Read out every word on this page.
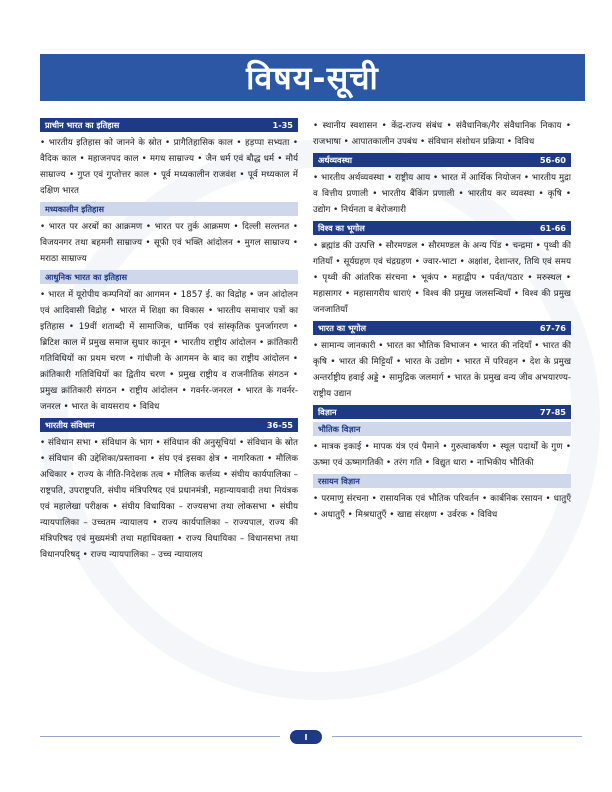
विषय-सूची
प्राचीन भारत का इतिहास	1-35

• भारतीय इतिहास को जानने के स्रोत • प्रागैतिहासिक काल • हड़प्पा सभ्यता • वैदिक काल • महाजनपद काल • मगध साम्राज्य • जैन धर्म एवं बौद्ध धर्म • मौर्य साम्राज्य • गुप्त एवं गुप्तोत्तर काल • पूर्व मध्यकालीन राजवंश • पूर्व मध्यकाल में दक्षिण भारत

मध्यकालीन इतिहास

• भारत पर अरबों का आक्रमण • भारत पर तुर्क आक्रमण • दिल्ली सल्तनत • विजयनगर तथा बहमनी साम्राज्य • सूफी एवं भक्ति आंदोलन • मुगल साम्राज्य • मराठा साम्राज्य

आधुनिक भारत का इतिहास

• भारत में यूरोपीय कम्पनियों का आगमन • 1857 ई. का विद्रोह • जन आंदोलन एवं आदिवासी विद्रोह • भारत में शिक्षा का विकास • भारतीय समाचार पत्रों का इतिहास • 19वीं शताब्दी में सामाजिक, धार्मिक एवं सांस्कृतिक पुनर्जागरण • ब्रिटिश काल में प्रमुख समाज सुधार कानून • भारतीय राष्ट्रीय आंदोलन • क्रांतिकारी गतिविधियों का प्रथम चरण • गांधीजी के आगमन के बाद का राष्ट्रीय आंदोलन • क्रांतिकारी गतिविधियों का द्वितीय चरण • प्रमुख राष्ट्रीय व राजनीतिक संगठन • प्रमुख क्रांतिकारी संगठन • राष्ट्रीय आंदोलन • गवर्नर-जनरल • भारत के गवर्नर-जनरल • भारत के वायसराय • विविध

भारतीय संविधान	36-55

• संविधान सभा • संविधान के भाग • संविधान की अनुसूचियां • संविधान के स्रोत • संविधान की उद्देशिका/प्रस्तावना • संघ एवं इसका क्षेत्र • नागरिकता • मौलिक अधिकार • राज्य के नीति-निदेशक तत्व • मौलिक कर्त्तव्य • संघीय कार्यपालिका – राष्ट्रपति, उपराष्ट्रपति, संघीय मंत्रिपरिषद एवं प्रधानमंत्री, महान्यायवादी तथा नियंत्रक एवं महालेखा परीक्षक • संघीय विधायिका – राज्यसभा तथा लोकसभा • संघीय न्यायपालिका – उच्चतम न्यायालय • राज्य कार्यपालिका – राज्यपाल, राज्य की मंत्रिपरिषद एवं मुख्यमंत्री तथा महाधिवक्ता • राज्य विधायिका – विधानसभा तथा विधानपरिषद् • राज्य न्यायपालिका – उच्च न्यायालय

• स्थानीय स्वशासन • केंद्र-राज्य संबंध • संवैधानिक/गैर संवैधानिक निकाय • राजभाषा • आपातकालीन उपबंध • संविधान संशोधन प्रक्रिया • विविध

अर्थव्यवस्था	56-60

• भारतीय अर्थव्यवस्था • राष्ट्रीय आय • भारत में आर्थिक नियोजन • भारतीय मुद्रा व वित्तीय प्रणाली • भारतीय बैंकिंग प्रणाली • भारतीय कर व्यवस्था • कृषि • उद्योग • निर्धनता व बेरोजगारी

विश्व का भूगोल	61-66

• ब्रह्मांड की उत्पत्ति • सौरमण्डल • सौरमण्डल के अन्य पिंड • चन्द्रमा • पृथ्वी की गतियाँ • सूर्यग्रहण एवं चंद्रग्रहण • ज्वार-भाटा • अक्षांश, देशान्तर, तिथि एवं समय • पृथ्वी की आंतरिक संरचना • भूकंप • महाद्वीप • पर्वत/पठार • मरुस्थल • महासागर • महासागरीय धाराएं • विश्व की प्रमुख जलसन्धियाँ • विश्व की प्रमुख जनजातियाँ

भारत का भूगोल	67-76

• सामान्य जानकारी • भारत का भौतिक विभाजन • भारत की नदियाँ • भारत की कृषि • भारत की मिट्टियाँ • भारत के उद्योग • भारत में परिवहन • देश के प्रमुख अन्तर्राष्ट्रीय हवाई अड्डे • सामुद्रिक जलमार्ग • भारत के प्रमुख वन्य जीव अभयारण्य-राष्ट्रीय उद्यान

विज्ञान	77-85
भौतिक विज्ञान

• मात्रक इकाई • मापक यंत्र एवं पैमाने • गुरुत्वाकर्षण • स्थूल पदार्थों के गुण • ऊष्मा एवं ऊष्मागतिकी • तरंग गति • विद्युत धारा • नाभिकीय भौतिकी

रसायन विज्ञान

• परमाणु संरचना • रासायनिक एवं भौतिक परिवर्तन • कार्बनिक रसायन • धातुएँ • अधातुएँ • मिश्रधातुएँ • खाद्य संरक्षण • उर्वरक • विविध

I
